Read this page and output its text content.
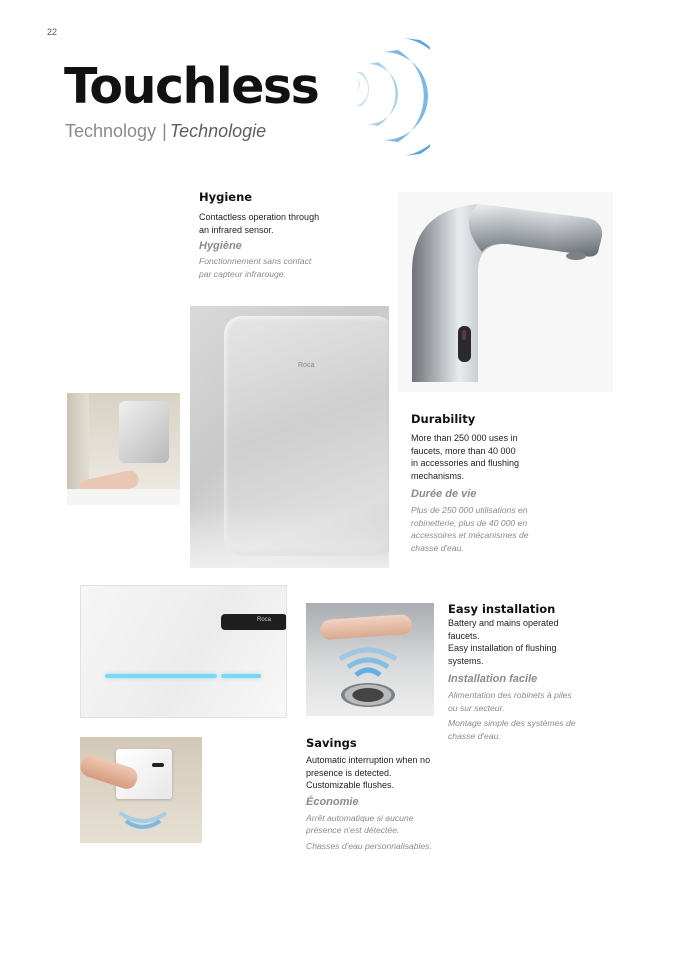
22
Touchless
Technology | Technologie
Hygiene

Contactless operation through
an infrared sensor.

Hygiène

Fonctionnement sans contact
par capteur infrarouge.

Roca
Durability

More than 250 000 uses in
faucets, more than 40 000
in accessories and flushing
mechanisms.

Durée de vie

Plus de 250 000 utilisations en
robinetterie, plus de 40 000 en
accessoires et mécanismes de
chasse d'eau.

Roca
Easy installation

Battery and mains operated
faucets.
Easy installation of flushing
systems.

Installation facile

Alimentation des robinets à piles
ou sur secteur.

Montage simple des systèmes de
chasse d'eau.

Savings

Automatic interruption when no
presence is detected.
Customizable flushes.

Économie

Arrêt automatique si aucune
présence n'est détectée.

Chasses d'eau personnalisables.
